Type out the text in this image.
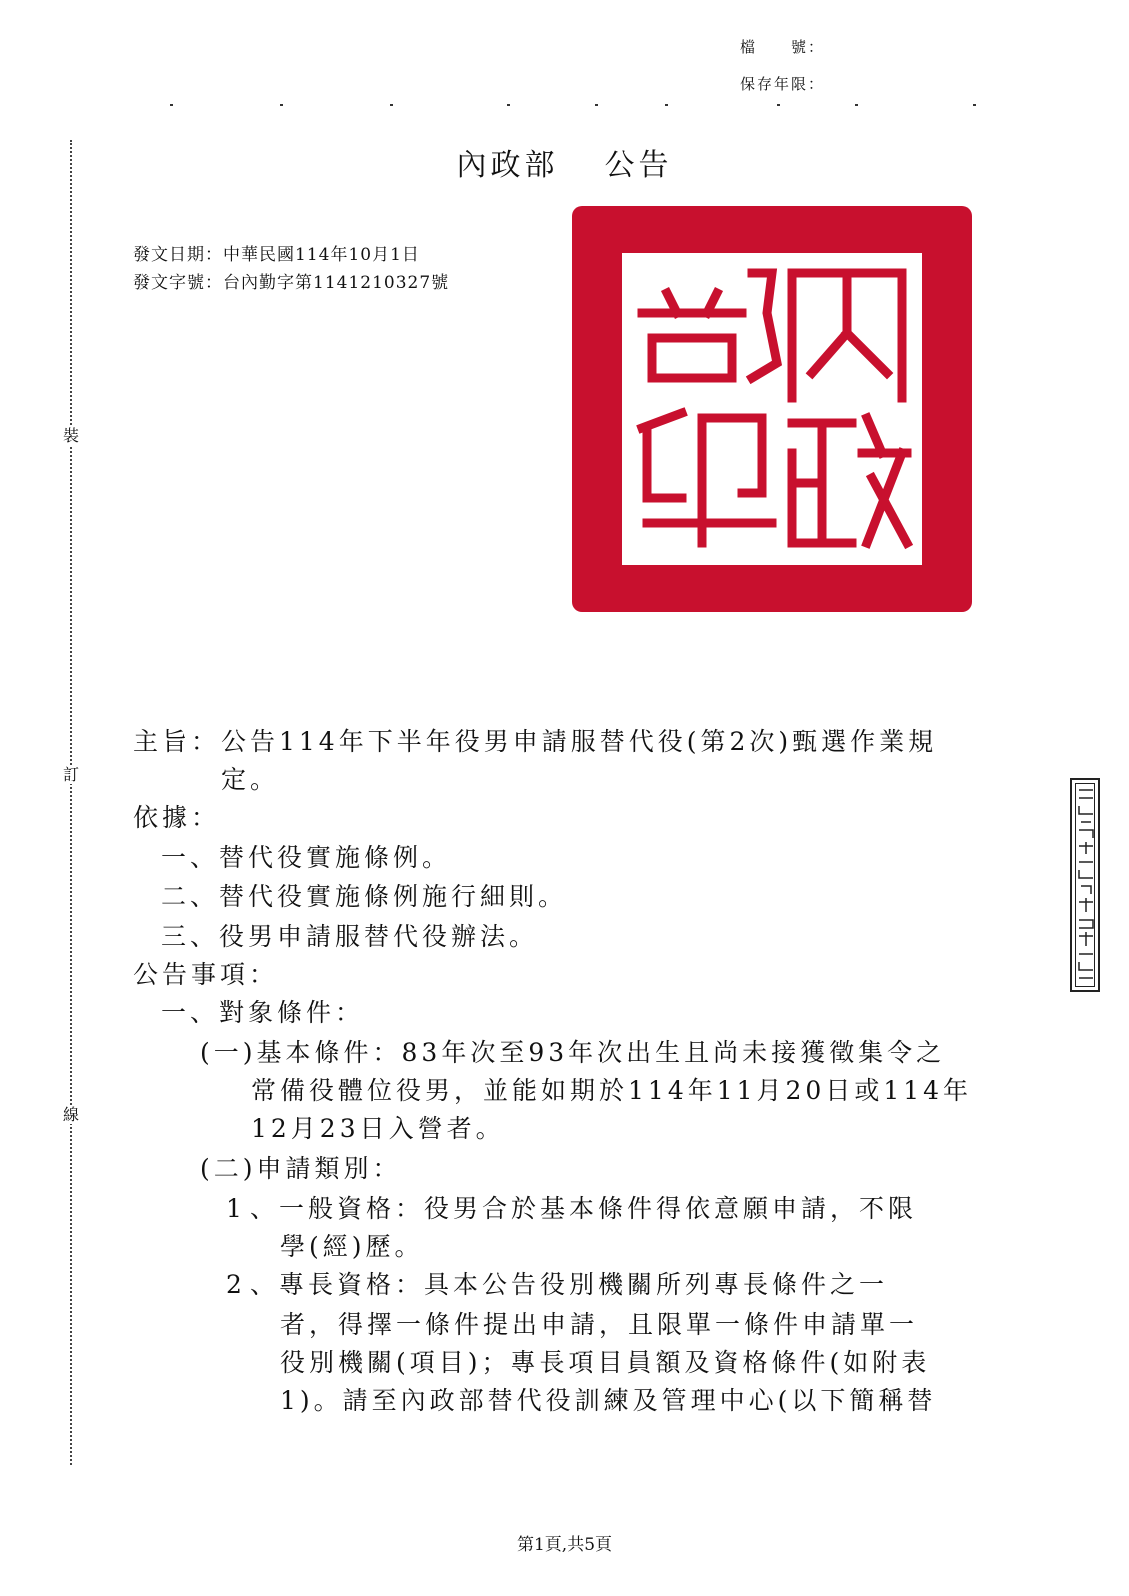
檔　　號：
保存年限：
裝
訂
線
內政部 公告
發文日期：中華民國114年10月1日
發文字號：台內勤字第1141210327號
主旨： 公告114年下半年役男申請服替代役(第2次)甄選作業規
定。
依據：
一、替代役實施條例。
二、替代役實施條例施行細則。
三、役男申請服替代役辦法。
公告事項：
一、對象條件：
(一)基本條件：83年次至93年次出生且尚未接獲徵集令之
常備役體位役男，並能如期於114年11月20日或114年
12月23日入營者。
(二)申請類別：
1 、一般資格：役男合於基本條件得依意願申請，不限
學(經)歷。
2 、專長資格：具本公告役別機關所列專長條件之一
者，得擇一條件提出申請，且限單一條件申請單一
役別機關(項目)；專長項目員額及資格條件(如附表
1)。請至內政部替代役訓練及管理中心(以下簡稱替
第1頁,共5頁
